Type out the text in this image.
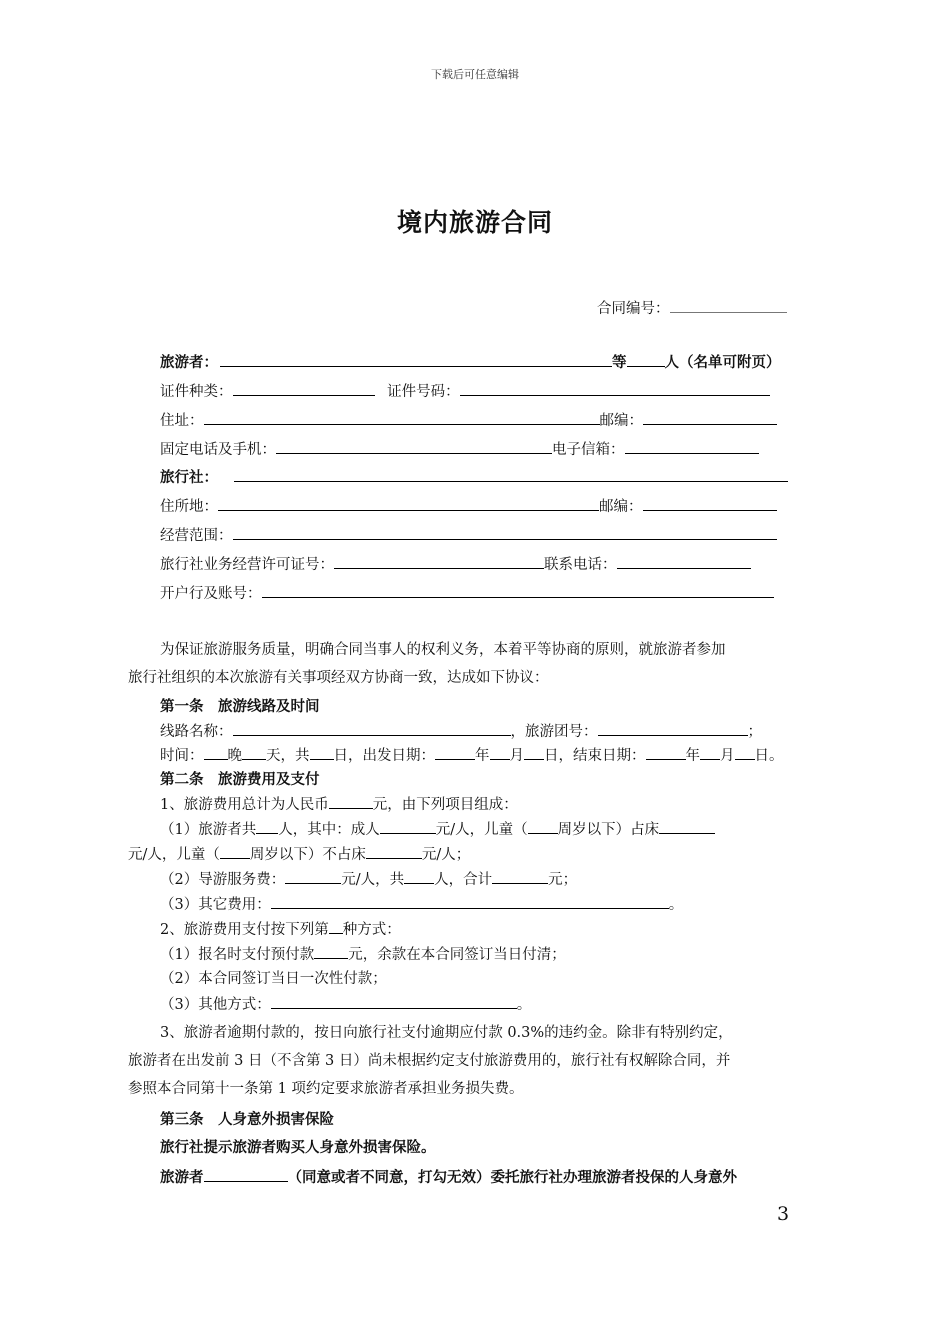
下载后可任意编辑
境内旅游合同
合同编号：
旅游者：	等	人（名单可附页）
证件种类：	证件号码：
住址：	邮编：
固定电话及手机：	电子信箱：
旅行社：
住所地：	邮编：
经营范围：
旅行社业务经营许可证号：	联系电话：
开户行及账号：
为保证旅游服务质量，明确合同当事人的权利义务，本着平等协商的原则，就旅游者参加
旅行社组织的本次旅游有关事项经双方协商一致，达成如下协议：
第一条　旅游线路及时间
线路名称：	，旅游团号：	；
时间： 晚 天，共 日，出发日期：	年 月 日，结束日期：	年 月 日。
第二条　旅游费用及支付
1、旅游费用总计为人民币	元，由下列项目组成：
（1）旅游者共 人，其中：成人	元/人，儿童（ 周岁以下）占床
元/人，儿童（ 周岁以下）不占床	元/人；
（2）导游服务费：	元/人，共 人，合计	元；
（3）其它费用：	。
2、旅游费用支付按下列第 种方式：
（1）报名时支付预付款 元，余款在本合同签订当日付清；
（2）本合同签订当日一次性付款；
（3）其他方式：	。
3、旅游者逾期付款的，按日向旅行社支付逾期应付款 0.3%的违约金。除非有特别约定，
旅游者在出发前 3 日（不含第 3 日）尚未根据约定支付旅游费用的，旅行社有权解除合同，并
参照本合同第十一条第 1 项约定要求旅游者承担业务损失费。
第三条　人身意外损害保险
旅行社提示旅游者购买人身意外损害保险。
旅游者	（同意或者不同意，打勾无效）委托旅行社办理旅游者投保的人身意外
3
